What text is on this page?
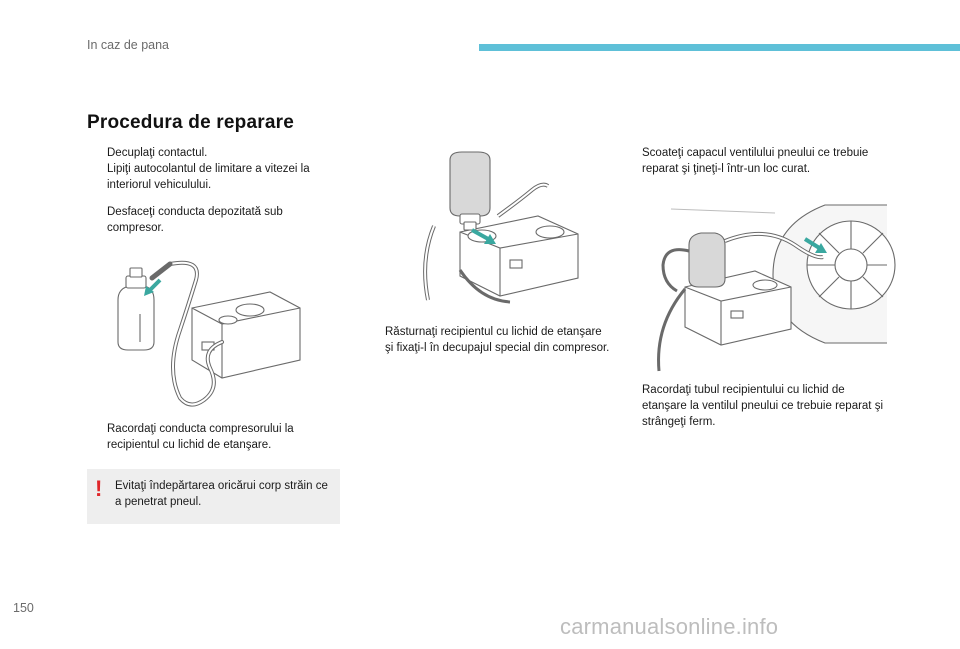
In caz de pana
Procedura de reparare
Decuplaţi contactul.
Lipiţi autocolantul de limitare a vitezei la interiorul vehiculului.
Desfaceţi conducta depozitată sub compresor.
Racordaţi conducta compresorului la recipientul cu lichid de etanşare.
! Evitaţi îndepărtarea oricărui corp străin ce a penetrat pneul.
Răsturnaţi recipientul cu lichid de etanşare şi fixaţi-l în decupajul special din compresor.
Scoateţi capacul ventilului pneului ce trebuie reparat şi ţineţi-l într-un loc curat.
Racordaţi tubul recipientului cu lichid de etanşare la ventilul pneului ce trebuie reparat şi strângeţi ferm.
150
carmanualsonline.info
